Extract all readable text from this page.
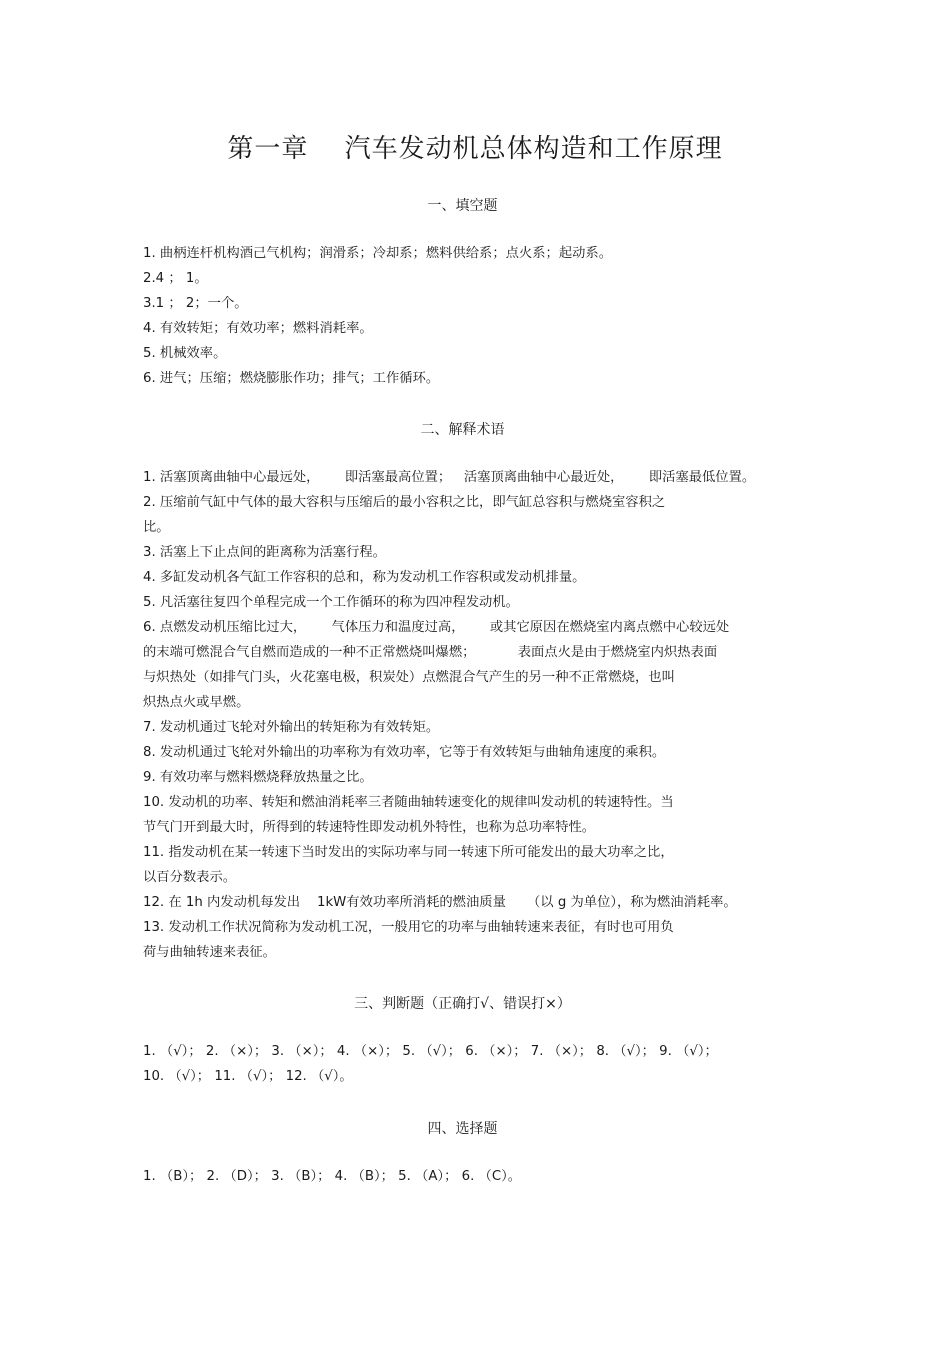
第一章　 汽车发动机总体构造和工作原理
一、填空题
1. 曲柄连杆机构酒己气机构；润滑系；冷却系；燃料供给系；点火系；起动系。
2.4 ； 1。
3.1 ； 2；一个。
4. 有效转矩；有效功率；燃料消耗率。
5. 机械效率。
6. 进气；压缩；燃烧膨胀作功；排气；工作循环。
二、解释术语
1. 活塞顶离曲轴中心最远处，      即活塞最高位置；   活塞顶离曲轴中心最近处，      即活塞最低位置。
2. 压缩前气缸中气体的最大容积与压缩后的最小容积之比，即气缸总容积与燃烧室容积之
比。
3. 活塞上下止点间的距离称为活塞行程。
4. 多缸发动机各气缸工作容积的总和，称为发动机工作容积或发动机排量。
5. 凡活塞往复四个单程完成一个工作循环的称为四冲程发动机。
6. 点燃发动机压缩比过大，      气体压力和温度过高，      或其它原因在燃烧室内离点燃中心较远处
的末端可燃混合气自燃而造成的一种不正常燃烧叫爆燃；          表面点火是由于燃烧室内炽热表面
与炽热处（如排气门头，火花塞电极，积炭处）点燃混合气产生的另一种不正常燃烧，也叫
炽热点火或早燃。
7. 发动机通过飞轮对外输出的转矩称为有效转矩。
8. 发动机通过飞轮对外输出的功率称为有效功率，它等于有效转矩与曲轴角速度的乘积。
9. 有效功率与燃料燃烧释放热量之比。
10. 发动机的功率、转矩和燃油消耗率三者随曲轴转速变化的规律叫发动机的转速特性。当
节气门开到最大时，所得到的转速特性即发动机外特性，也称为总功率特性。
11. 指发动机在某一转速下当时发出的实际功率与同一转速下所可能发出的最大功率之比，
以百分数表示。
12. 在 1h 内发动机每发出    1kW有效功率所消耗的燃油质量     （以 g 为单位），称为燃油消耗率。
13. 发动机工作状况简称为发动机工况，一般用它的功率与曲轴转速来表征，有时也可用负
荷与曲轴转速来表征。
三、判断题（正确打√、错误打×）
1. （√）； 2. （×）； 3. （×）； 4. （×）； 5. （√）； 6. （×）； 7. （×）； 8. （√）； 9. （√）；
10. （√）； 11. （√）； 12. （√）。
四、选择题
1. （B）； 2. （D）； 3. （B）； 4. （B）； 5. （A）； 6. （C）。
